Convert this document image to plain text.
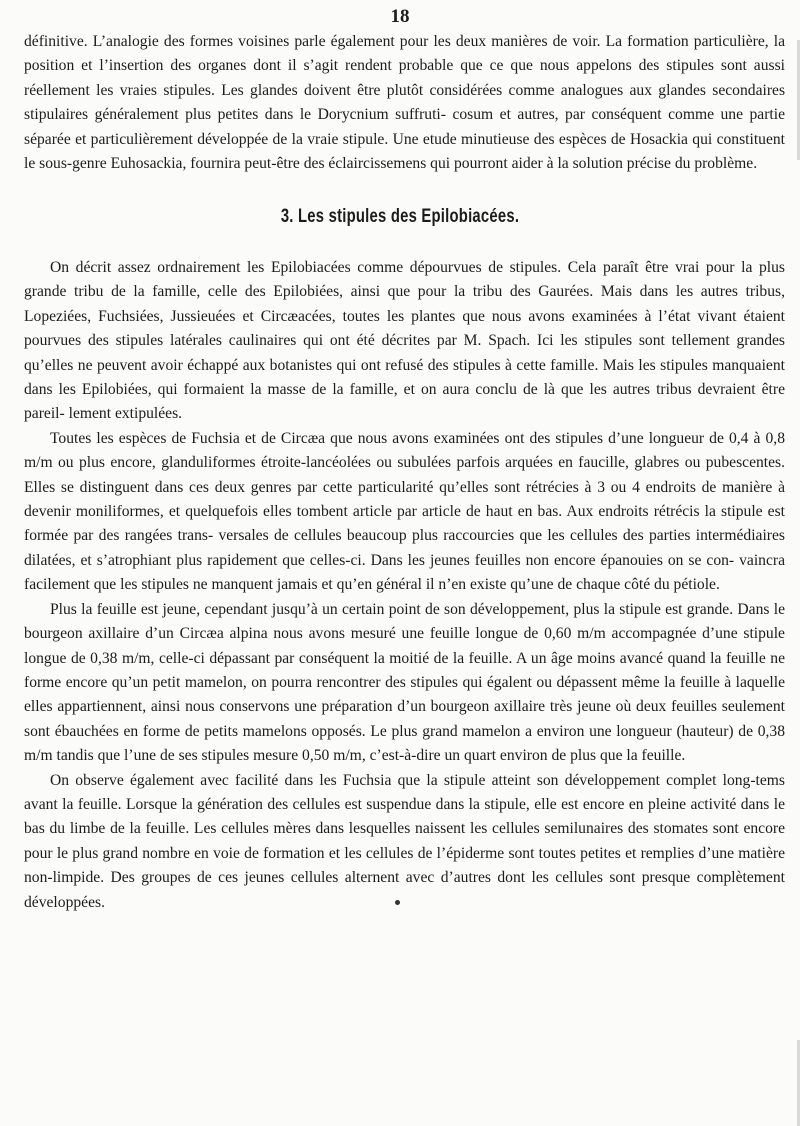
18

définitive. L’analogie des formes voisines parle également pour les deux manières de voir. La formation particulière, la position et l’insertion des organes dont il s’agit rendent probable que ce que nous appelons des stipules sont aussi réellement les vraies stipules. Les glandes doivent être plutôt considérées comme analogues aux glandes secondaires stipulaires généralement plus petites dans le Dorycnium suffruti- cosum et autres, par conséquent comme une partie séparée et particulièrement développée de la vraie stipule. Une etude minutieuse des espèces de Hosackia qui constituent le sous-genre Euhosackia, fournira peut-être des éclaircissemens qui pourront aider à la solution précise du problème.

3. Les stipules des Epilobiacées.

On décrit assez ordnairement les Epilobiacées comme dépourvues de stipules. Cela paraît être vrai pour la plus grande tribu de la famille, celle des Epilobiées, ainsi que pour la tribu des Gaurées. Mais dans les autres tribus, Lopeziées, Fuchsiées, Jussieuées et Circæacées, toutes les plantes que nous avons examinées à l’état vivant étaient pourvues des stipules latérales caulinaires qui ont été décrites par M. Spach. Ici les stipules sont tellement grandes qu’elles ne peuvent avoir échappé aux botanistes qui ont refusé des stipules à cette famille. Mais les stipules manquaient dans les Epilobiées, qui formaient la masse de la famille, et on aura conclu de là que les autres tribus devraient être pareil- lement extipulées.

Toutes les espèces de Fuchsia et de Circæa que nous avons examinées ont des stipules d’une longueur de 0,4 à 0,8 m/m ou plus encore, glanduliformes étroite-lancéolées ou subulées parfois arquées en faucille, glabres ou pubescentes. Elles se distinguent dans ces deux genres par cette particularité qu’elles sont rétrécies à 3 ou 4 endroits de manière à devenir moniliformes, et quelquefois elles tombent article par article de haut en bas. Aux endroits rétrécis la stipule est formée par des rangées trans- versales de cellules beaucoup plus raccourcies que les cellules des parties intermédiaires dilatées, et s’atrophiant plus rapidement que celles-ci. Dans les jeunes feuilles non encore épanouies on se con- vaincra facilement que les stipules ne manquent jamais et qu’en général il n’en existe qu’une de chaque côté du pétiole.

Plus la feuille est jeune, cependant jusqu’à un certain point de son développement, plus la stipule est grande. Dans le bourgeon axillaire d’un Circæa alpina nous avons mesuré une feuille longue de 0,60 m/m accompagnée d’une stipule longue de 0,38 m/m, celle-ci dépassant par conséquent la moitié de la feuille. A un âge moins avancé quand la feuille ne forme encore qu’un petit mamelon, on pourra rencontrer des stipules qui égalent ou dépassent même la feuille à laquelle elles appartiennent, ainsi nous conservons une préparation d’un bourgeon axillaire très jeune où deux feuilles seulement sont ébauchées en forme de petits mamelons opposés. Le plus grand mamelon a environ une longueur (hauteur) de 0,38 m/m tandis que l’une de ses stipules mesure 0,50 m/m, c’est-à-dire un quart environ de plus que la feuille.

On observe également avec facilité dans les Fuchsia que la stipule atteint son développement complet long-tems avant la feuille. Lorsque la génération des cellules est suspendue dans la stipule, elle est encore en pleine activité dans le bas du limbe de la feuille. Les cellules mères dans lesquelles naissent les cellules semilunaires des stomates sont encore pour le plus grand nombre en voie de formation et les cellules de l’épiderme sont toutes petites et remplies d’une matière non-limpide. Des groupes de ces jeunes cellules alternent avec d’autres dont les cellules sont presque complètement développées.
